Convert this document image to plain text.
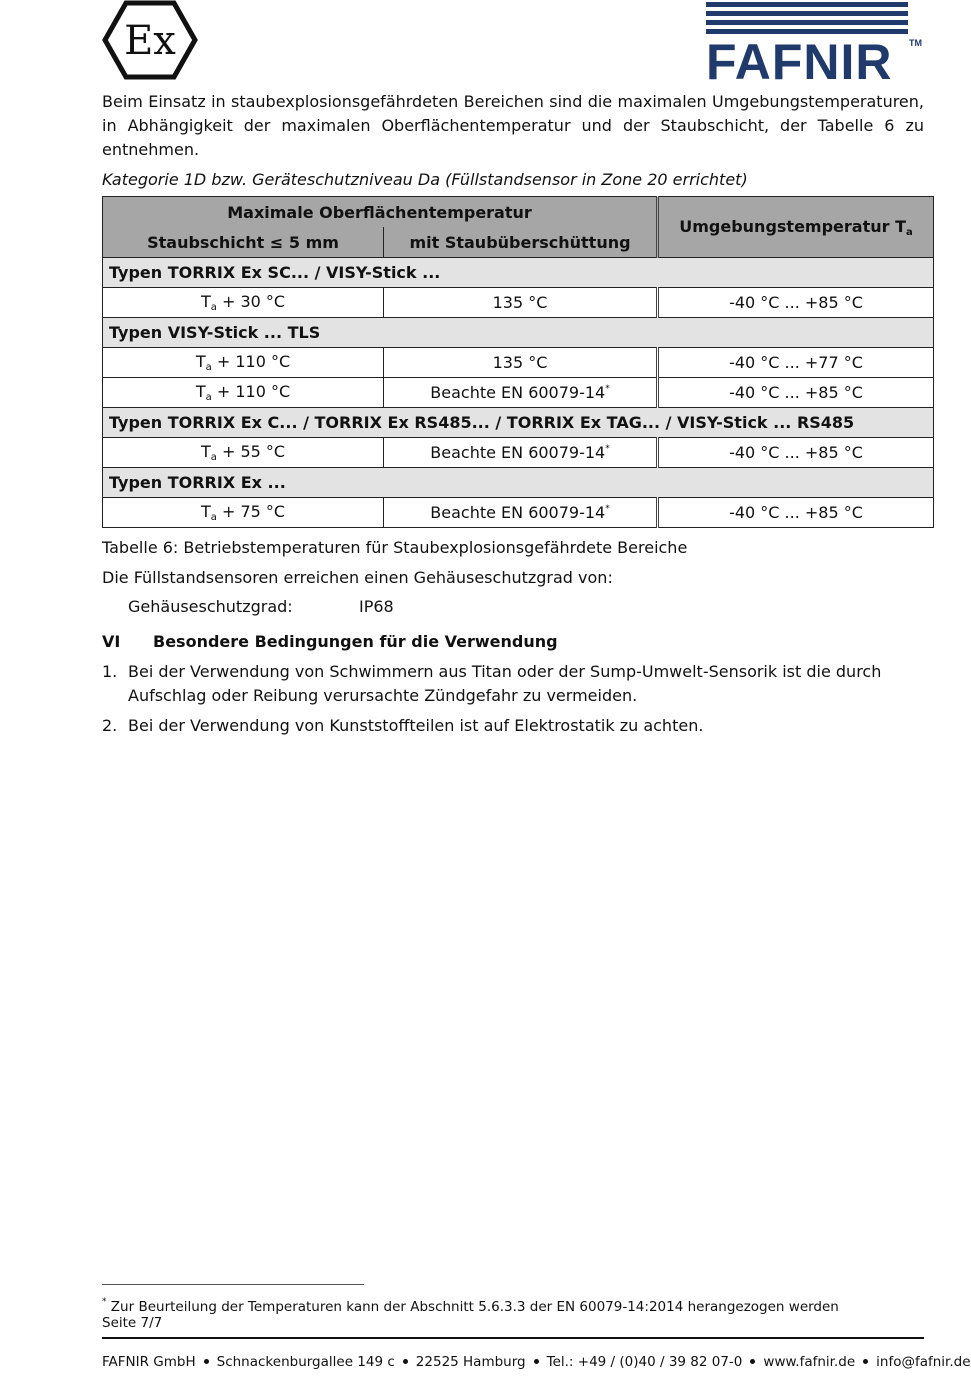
Ex	FAFNIR TM
Beim Einsatz in staubexplosionsgefährdeten Bereichen sind die maximalen Umgebungstemperaturen, in Abhängigkeit der maximalen Oberflächentemperatur und der Staubschicht, der Tabelle 6 zu entnehmen.
Kategorie 1D bzw. Geräteschutzniveau Da (Füllstandsensor in Zone 20 errichtet)
Maximale Oberflächentemperatur		Umgebungstemperatur $T_a$
Staubschicht ≤ 5 mm	mit Staubüberschüttung	
Typen TORRIX Ex SC... / VISY-Stick ...		
$T_a + 30$ °C	135 °C	-40 °C ... +85 °C
Typen VISY-Stick ... TLS		
$T_a + 110$ °C	135 °C	-40 °C ... +77 °C
$T_a + 110$ °C	Beachte EN 60079-14*	-40 °C ... +85 °C
Typen TORRIX Ex C... / TORRIX Ex RS485... / TORRIX Ex TAG... / VISY-Stick ... RS485		
$T_a + 55$ °C	Beachte EN 60079-14*	-40 °C ... +85 °C
Typen TORRIX Ex ...		
$T_a + 75$ °C	Beachte EN 60079-14*	-40 °C ... +85 °C
Tabelle 6: Betriebstemperaturen für Staubexplosionsgefährdete Bereiche
Die Füllstandsensoren erreichen einen Gehäuseschutzgrad von:
Gehäuseschutzgrad:	IP68
VI Besondere Bedingungen für die Verwendung
1. Bei der Verwendung von Schwimmern aus Titan oder der Sump-Umwelt-Sensorik ist die durch Aufschlag oder Reibung verursachte Zündgefahr zu vermeiden.
2. Bei der Verwendung von Kunststoffteilen ist auf Elektrostatik zu achten.
* Zur Beurteilung der Temperaturen kann der Abschnitt 5.6.3.3 der EN 60079-14:2014 herangezogen werden
Seite 7/7
FAFNIR GmbH Schnackenburgallee 149 c 22525 Hamburg Tel.: +49 / (0)40 / 39 82 07-0 www.fafnir.de info@fafnir.de
